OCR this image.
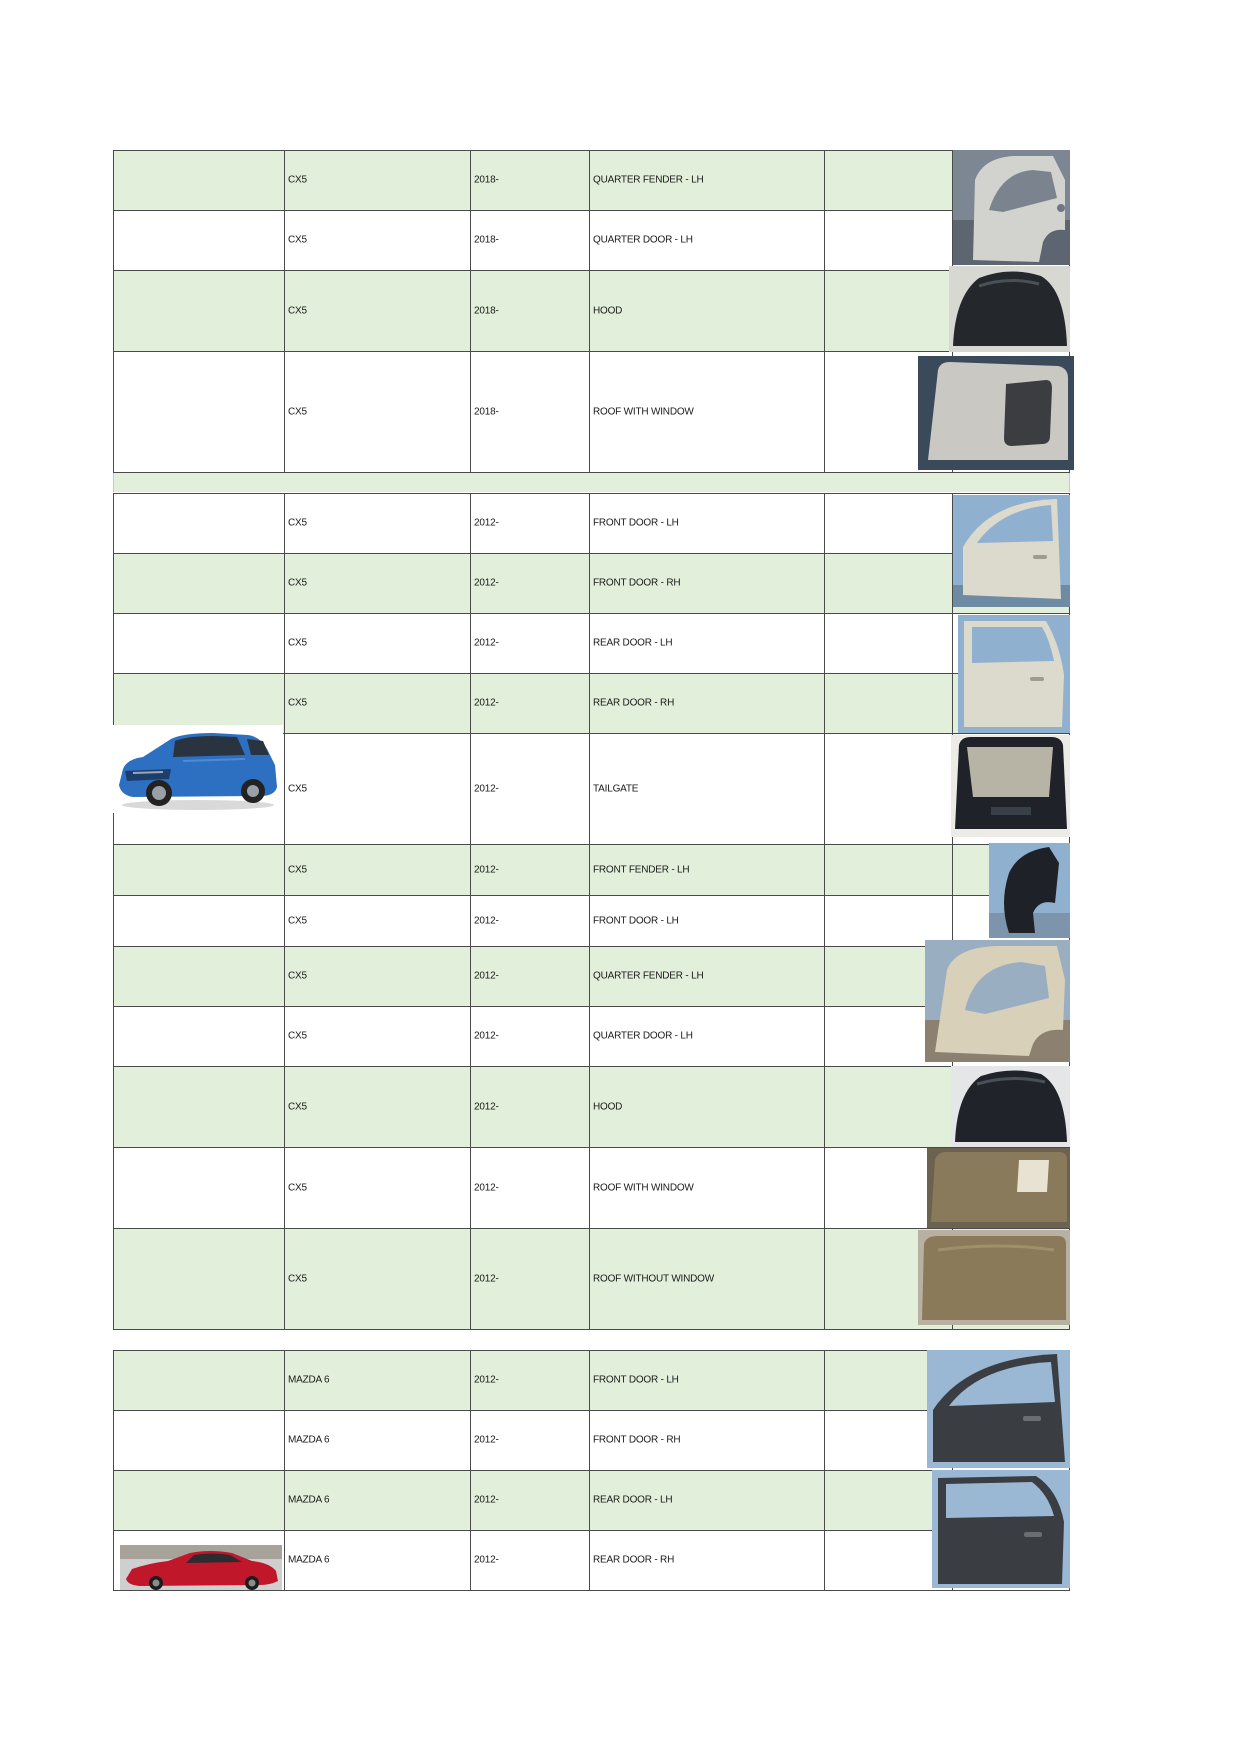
CX5	2018-	QUARTER FENDER - LH
CX5	2018-	QUARTER DOOR - LH
CX5	2018-	HOOD
CX5	2018-	ROOF WITH WINDOW
CX5	2012-	FRONT DOOR - LH
CX5	2012-	FRONT DOOR - RH
CX5	2012-	REAR DOOR - LH
CX5	2012-	REAR DOOR - RH
CX5	2012-	TAILGATE
CX5	2012-	FRONT FENDER - LH
CX5	2012-	FRONT DOOR - LH
CX5	2012-	QUARTER FENDER - LH
CX5	2012-	QUARTER DOOR - LH
CX5	2012-	HOOD
CX5	2012-	ROOF WITH WINDOW
CX5	2012-	ROOF WITHOUT WINDOW
MAZDA 6	2012-	FRONT DOOR - LH
MAZDA 6	2012-	FRONT DOOR - RH
MAZDA 6	2012-	REAR DOOR - LH
MAZDA 6	2012-	REAR DOOR - RH
